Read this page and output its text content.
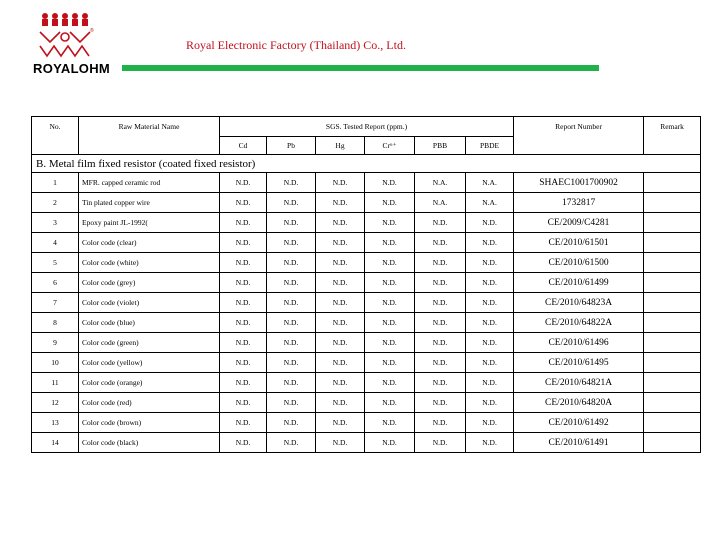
®
ROYALOHM
Royal Electronic Factory (Thailand) Co., Ltd.
No.	Raw Material Name	SGS. Tested Report (ppm.)						Report Number	Remark
		Cd	Pb	Hg	Cr⁶⁺	PBB	PBDE		
B. Metal film fixed resistor (coated fixed resistor)									
1	MFR. capped ceramic rod	N.D.	N.D.	N.D.	N.D.	N.A.	N.A.	SHAEC1001700902	
2	Tin plated copper wire	N.D.	N.D.	N.D.	N.D.	N.A.	N.A.	1732817	
3	Epoxy paint JL-1992(	N.D.	N.D.	N.D.	N.D.	N.D.	N.D.	CE/2009/C4281	
4	Color code (clear)	N.D.	N.D.	N.D.	N.D.	N.D.	N.D.	CE/2010/61501	
5	Color code (white)	N.D.	N.D.	N.D.	N.D.	N.D.	N.D.	CE/2010/61500	
6	Color code (grey)	N.D.	N.D.	N.D.	N.D.	N.D.	N.D.	CE/2010/61499	
7	Color code (violet)	N.D.	N.D.	N.D.	N.D.	N.D.	N.D.	CE/2010/64823A	
8	Color code (blue)	N.D.	N.D.	N.D.	N.D.	N.D.	N.D.	CE/2010/64822A	
9	Color code (green)	N.D.	N.D.	N.D.	N.D.	N.D.	N.D.	CE/2010/61496	
10	Color code (yellow)	N.D.	N.D.	N.D.	N.D.	N.D.	N.D.	CE/2010/61495	
11	Color code (orange)	N.D.	N.D.	N.D.	N.D.	N.D.	N.D.	CE/2010/64821A	
12	Color code (red)	N.D.	N.D.	N.D.	N.D.	N.D.	N.D.	CE/2010/64820A	
13	Color code (brown)	N.D.	N.D.	N.D.	N.D.	N.D.	N.D.	CE/2010/61492	
14	Color code (black)	N.D.	N.D.	N.D.	N.D.	N.D.	N.D.	CE/2010/61491	
